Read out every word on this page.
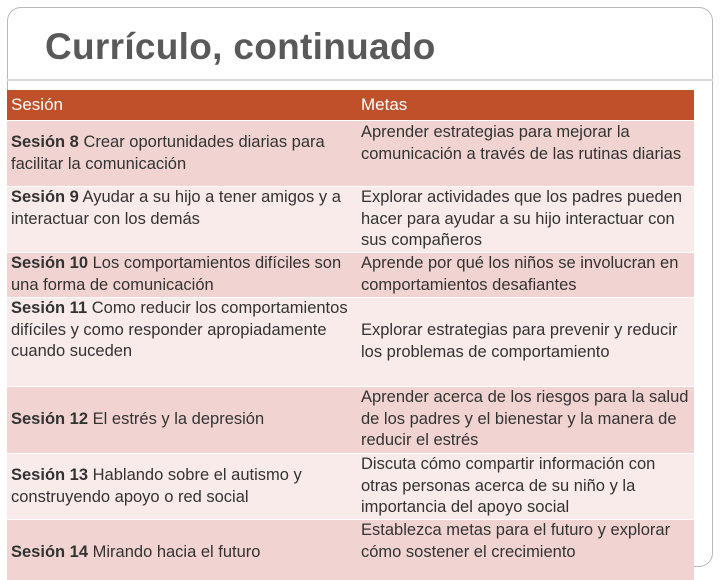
Currículo, continuado
Sesión	Metas
Sesión 8 Crear oportunidades diarias para facilitar la comunicación
Aprender estrategias para mejorar la comunicación a través de las rutinas diarias
Sesión 9 Ayudar a su hijo a tener amigos y a interactuar con los demás
Explorar actividades que los padres pueden hacer para ayudar a su hijo interactuar con sus compañeros
Sesión 10 Los comportamientos difíciles son una forma de comunicación
Aprende por qué los niños se involucran en comportamientos desafiantes
Sesión 11 Como reducir los comportamientos difíciles y como responder apropiadamente cuando suceden
Explorar estrategias para prevenir y reducir los problemas de comportamiento
Sesión 12 El estrés y la depresión
Aprender acerca de los riesgos para la salud de los padres y el bienestar y la manera de reducir el estrés
Sesión 13 Hablando sobre el autismo y construyendo apoyo o red social
Discuta cómo compartir información con otras personas acerca de su niño y la importancia del apoyo social
Sesión 14 Mirando hacia el futuro
Establezca metas para el futuro y explorar cómo sostener el crecimiento
